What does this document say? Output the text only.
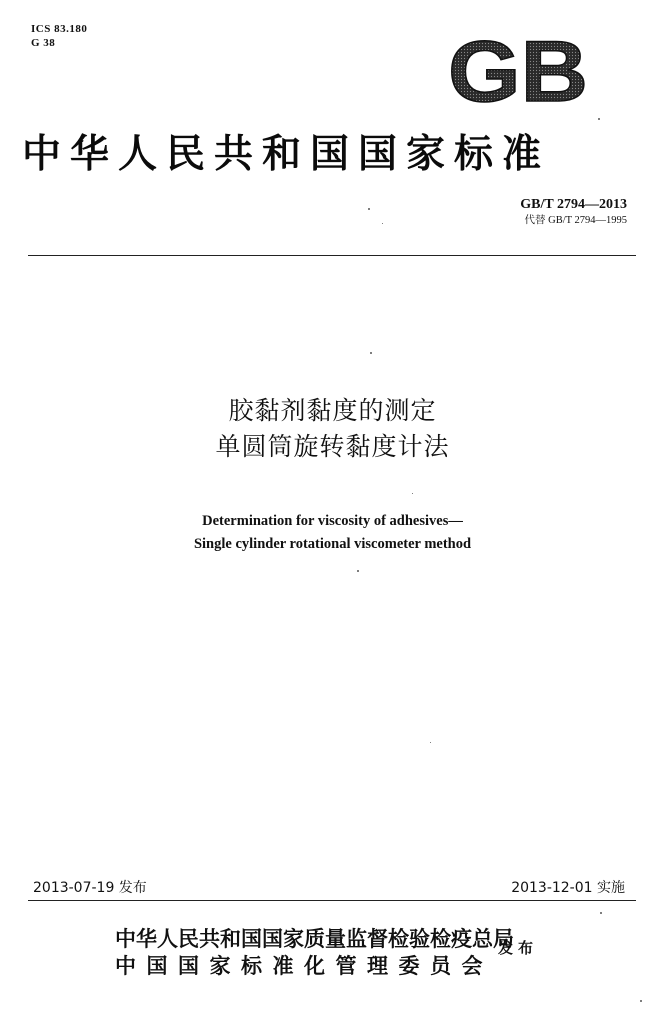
ICS 83.180
G 38	GB
中华人民共和国国家标准
GB/T 2794—2013
代替 GB/T 2794—1995
胶黏剂黏度的测定
单圆筒旋转黏度计法
Determination for viscosity of adhesives—
Single cylinder rotational viscometer method
2013-07-19 发布	2013-12-01 实施
中华人民共和国国家质量监督检验检疫总局
中国国家标准化管理委员会
发布
